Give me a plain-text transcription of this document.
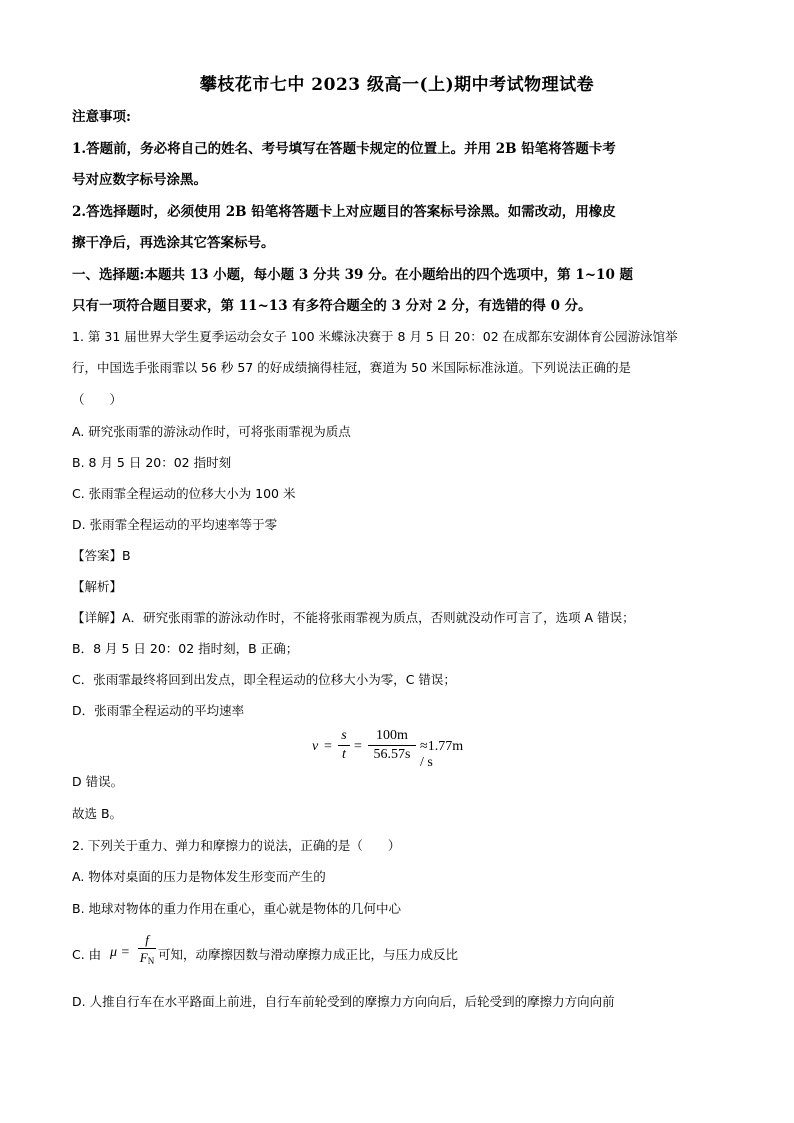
攀枝花市七中 2023 级高一(上)期中考试物理试卷
注意事项:
1.答题前，务必将自己的姓名、考号填写在答题卡规定的位置上。并用 2B 铅笔将答题卡考
号对应数字标号涂黑。
2.答选择题时，必须使用 2B 铅笔将答题卡上对应题目的答案标号涂黑。如需改动，用橡皮
擦干净后，再选涂其它答案标号。
一、选择题:本题共 13 小题，每小题 3 分共 39 分。在小题给出的四个选项中，第 1~10 题
只有一项符合题目要求，第 11~13 有多符合题全的 3 分对 2 分，有选错的得 0 分。
1. 第 31 届世界大学生夏季运动会女子 100 米蝶泳决赛于 8 月 5 日 20：02 在成都东安湖体育公园游泳馆举
行，中国选手张雨霏以 56 秒 57 的好成绩摘得桂冠，赛道为 50 米国际标准泳道。下列说法正确的是
（　　）
A. 研究张雨霏的游泳动作时，可将张雨霏视为质点
B. 8 月 5 日 20：02 指时刻
C. 张雨霏全程运动的位移大小为 100 米
D. 张雨霏全程运动的平均速率等于零
【答案】B
【解析】
【详解】A．研究张雨霏的游泳动作时，不能将张雨霏视为质点，否则就没动作可言了，选项 A 错误；
B．8 月 5 日 20：02 指时刻，B 正确；
C．张雨霏最终将回到出发点，即全程运动的位移大小为零，C 错误；
D．张雨霏全程运动的平均速率
v =
s
t
=
100m
56.57s
≈1.77m / s
D 错误。
故选 B。
2. 下列关于重力、弹力和摩擦力的说法，正确的是（　　）
A. 物体对桌面的压力是物体发生形变而产生的
B. 地球对物体的重力作用在重心，重心就是物体的几何中心
C. 由 μ =
f
$F_N$ 可知，动摩擦因数与滑动摩擦力成正比，与压力成反比
D. 人推自行车在水平路面上前进，自行车前轮受到的摩擦力方向向后，后轮受到的摩擦力方向向前
